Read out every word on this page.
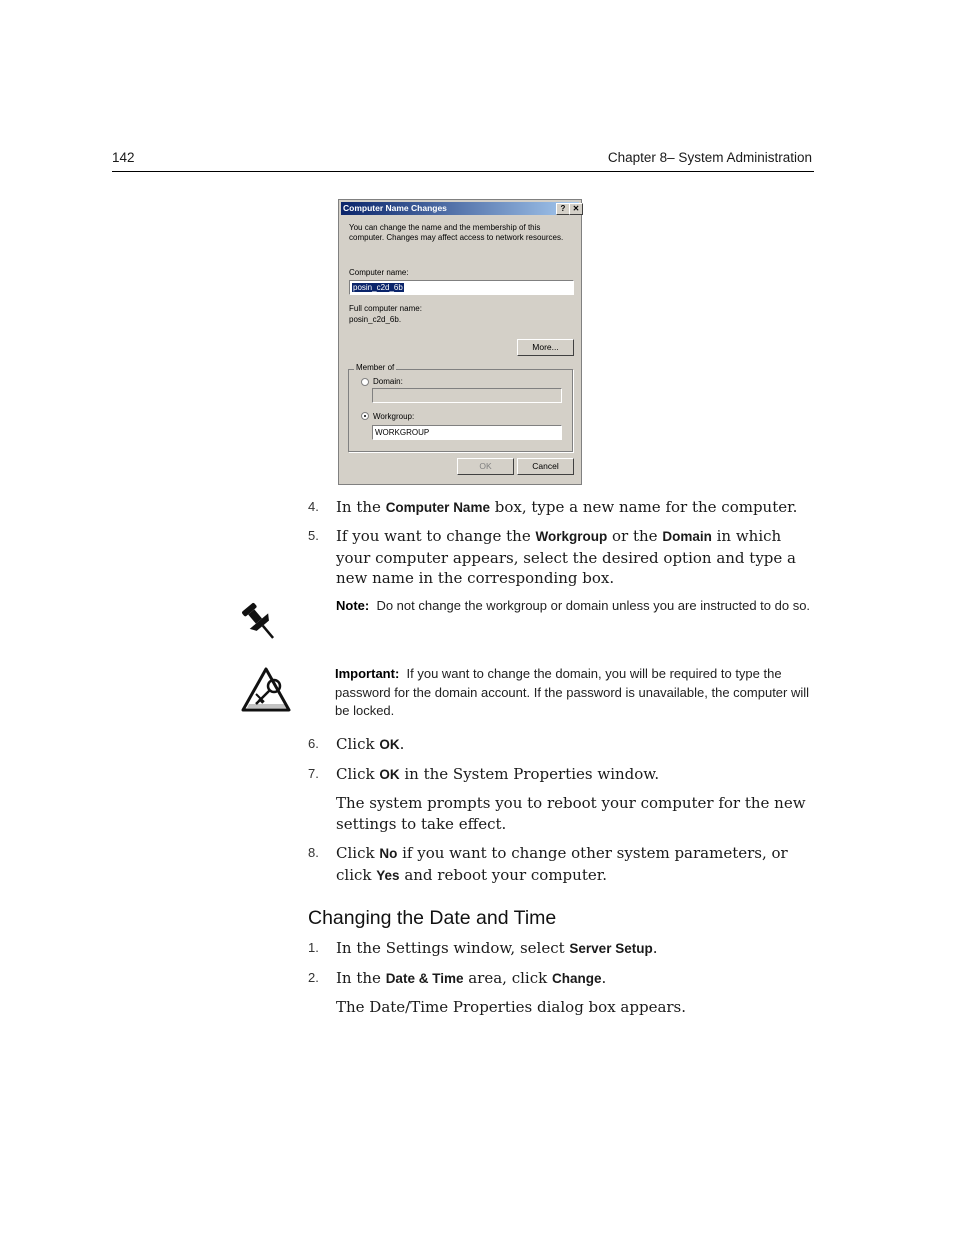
142	Chapter 8– System Administration
Computer Name Changes	? ✕
You can change the name and the membership of this computer. Changes may affect access to network resources.
Computer name:
posin_c2d_6b
Full computer name:
posin_c2d_6b.
More...
Member of
Domain:
Workgroup:
WORKGROUP
OK	Cancel
4. In the Computer Name box, type a new name for the computer.
5. If you want to change the Workgroup or the Domain in which your computer appears, select the desired option and type a new name in the corresponding box.
Note: Do not change the workgroup or domain unless you are instructed to do so.
Important: If you want to change the domain, you will be required to type the password for the domain account. If the password is unavailable, the computer will be locked.
6. Click OK.
7. Click OK in the System Properties window.
The system prompts you to reboot your computer for the new settings to take effect.
8. Click No if you want to change other system parameters, or click Yes and reboot your computer.
Changing the Date and Time
1. In the Settings window, select Server Setup.
2. In the Date & Time area, click Change.
The Date/Time Properties dialog box appears.
